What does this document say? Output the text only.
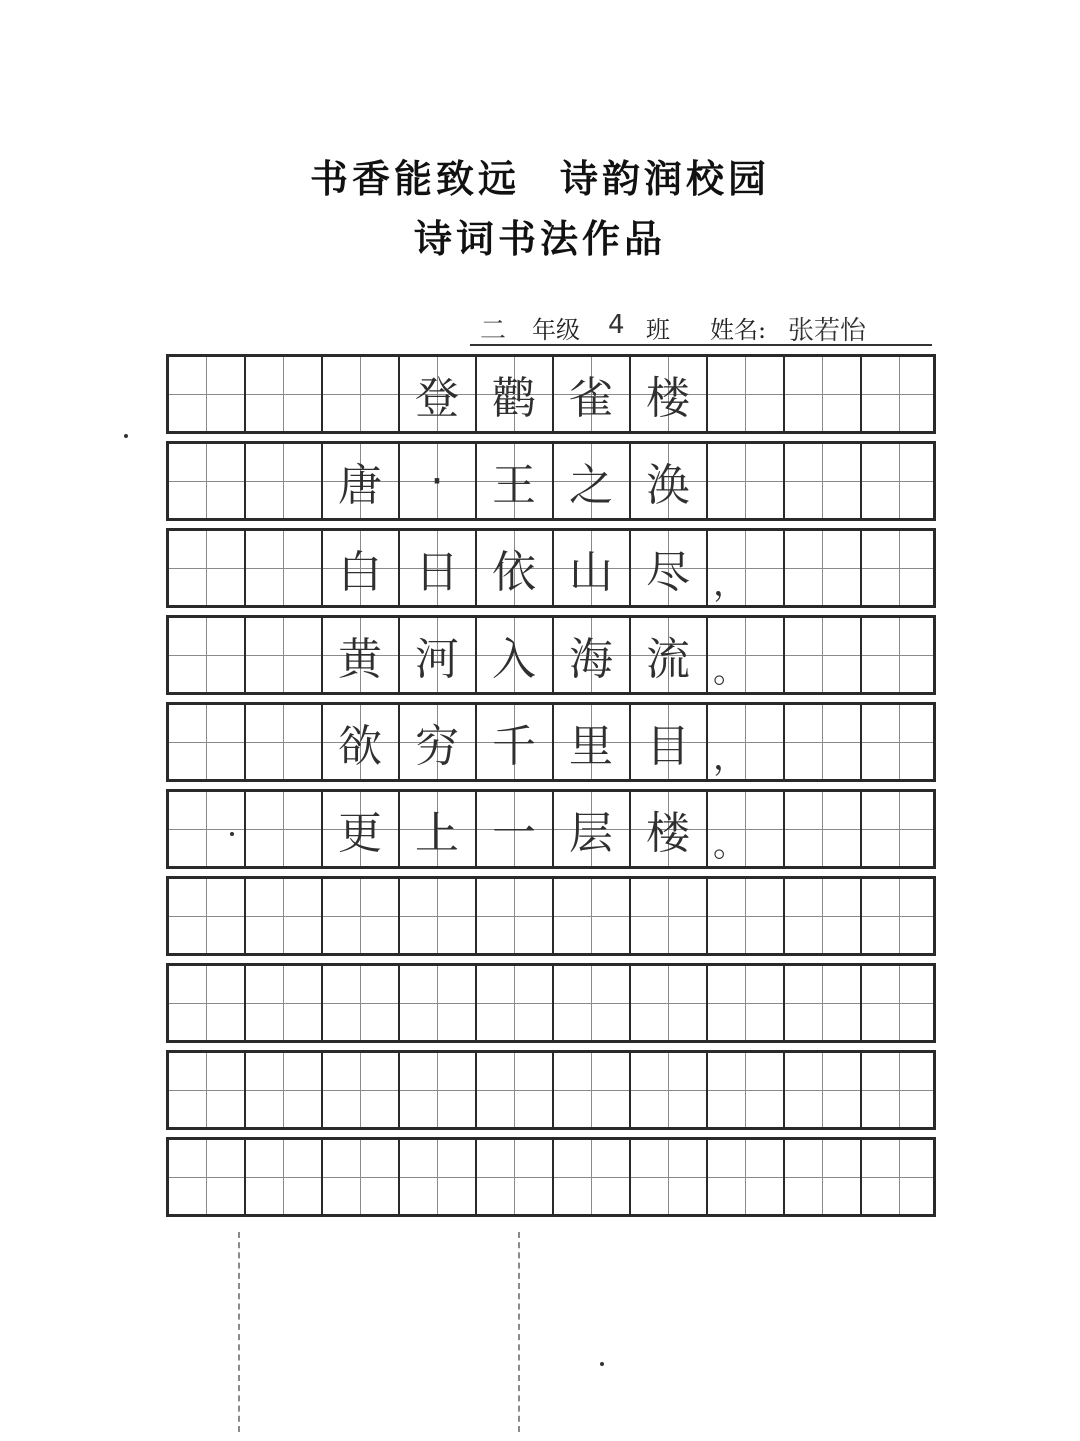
书香能致远 诗韵润校园
诗词书法作品
二 年级 4 班 姓名: 张若怡
登 鹳 雀 楼
唐	·	王 之 涣
白 日 依 山 尽 ，
黄 河 入 海 流 。
欲 穷 千 里 目 ，
更 上 一 层 楼 。
